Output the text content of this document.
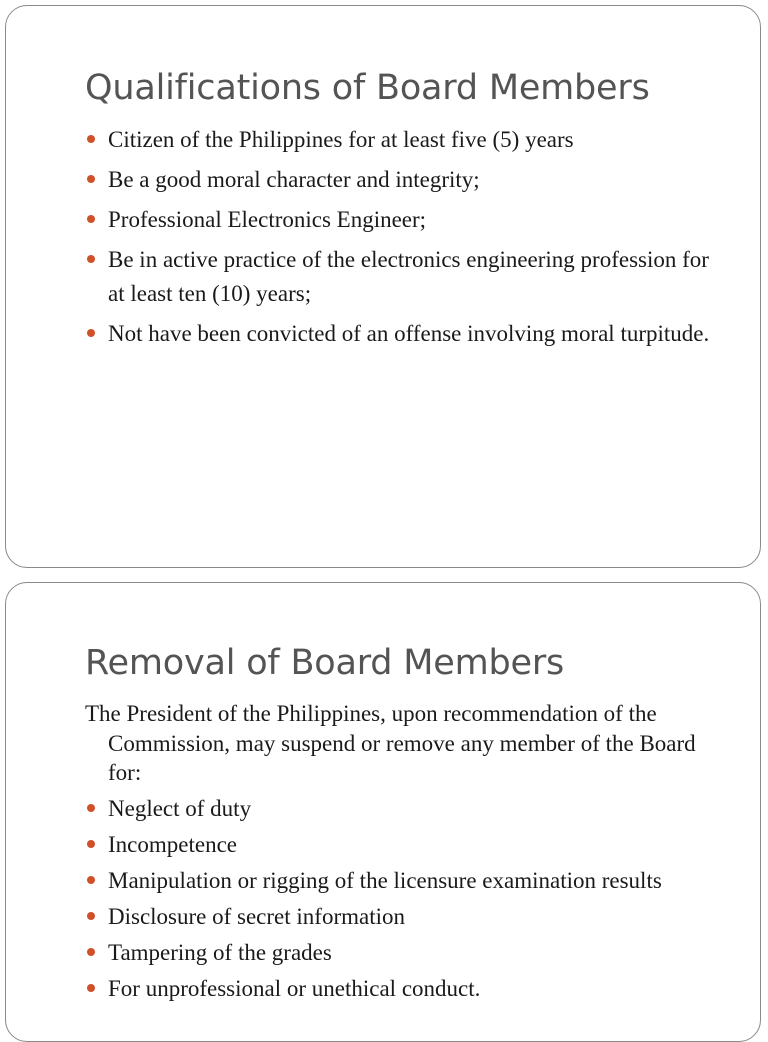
Qualifications of Board Members
Citizen of the Philippines for at least five (5) years
Be a good moral character and integrity;
Professional Electronics Engineer;
Be in active practice of the electronics engineering profession for at least ten (10) years;
Not have been convicted of an offense involving moral turpitude.
Removal of Board Members

The President of the Philippines, upon recommendation of the Commission, may suspend or remove any member of the Board for:

Neglect of duty
Incompetence
Manipulation or rigging of the licensure examination results
Disclosure of secret information
Tampering of the grades
For unprofessional or unethical conduct.
